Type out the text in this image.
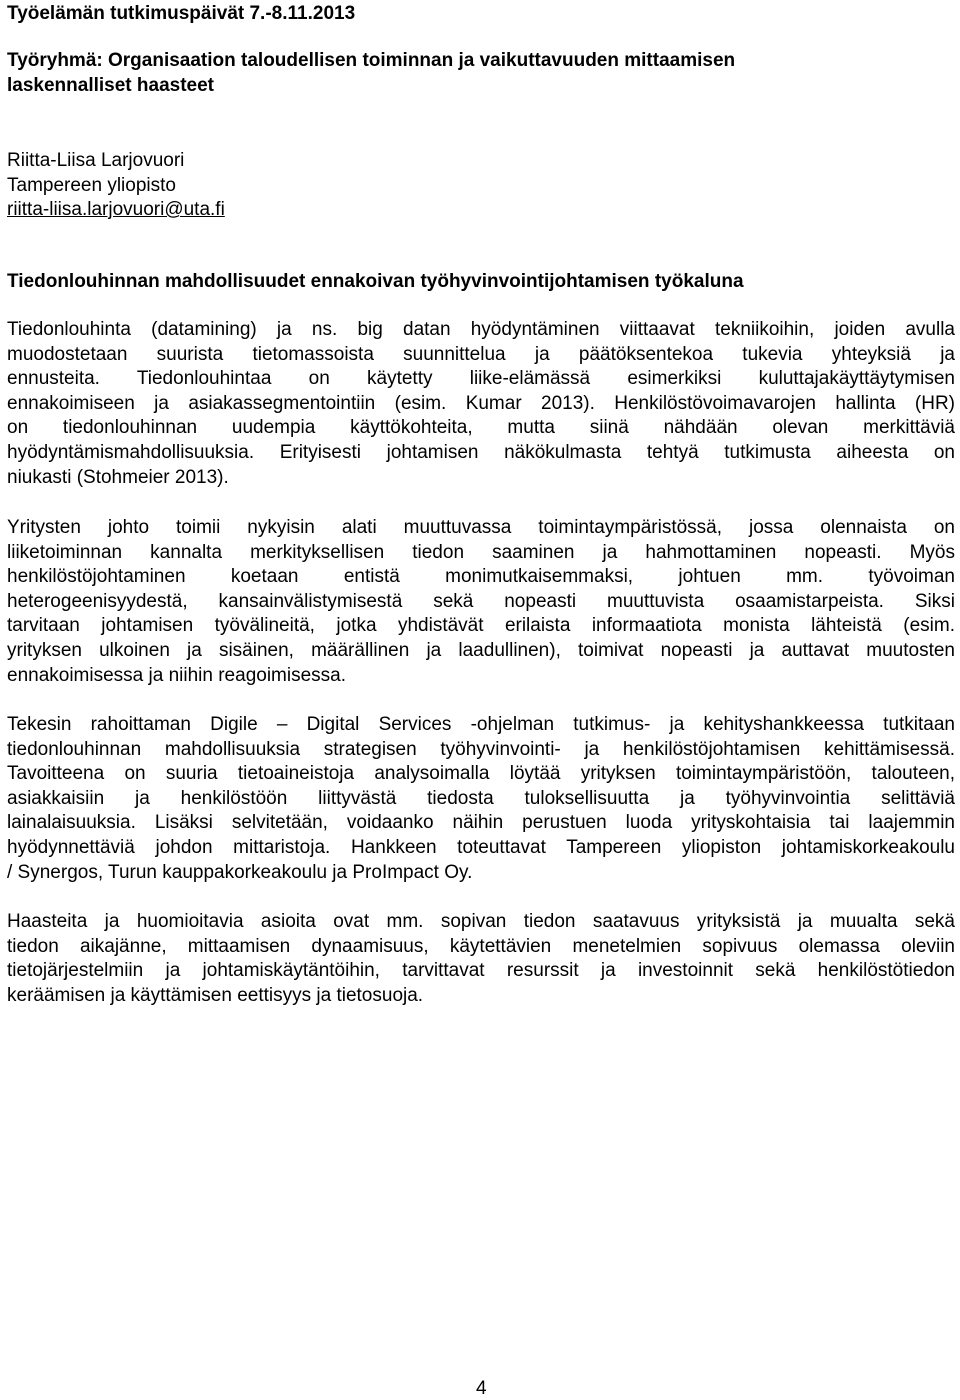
Työelämän tutkimuspäivät 7.-8.11.2013
Työryhmä: Organisaation taloudellisen toiminnan ja vaikuttavuuden mittaamisen
laskennalliset haasteet
Riitta-Liisa Larjovuori
Tampereen yliopisto
riitta-liisa.larjovuori@uta.fi
Tiedonlouhinnan mahdollisuudet ennakoivan työhyvinvointijohtamisen työkaluna
Tiedonlouhinta (datamining) ja ns. big datan hyödyntäminen viittaavat tekniikoihin, joiden avulla
muodostetaan suurista tietomassoista suunnittelua ja päätöksentekoa tukevia yhteyksiä ja
ennusteita. Tiedonlouhintaa on käytetty liike-elämässä esimerkiksi kuluttajakäyttäytymisen
ennakoimiseen ja asiakassegmentointiin (esim. Kumar 2013). Henkilöstövoimavarojen hallinta (HR)
on tiedonlouhinnan uudempia käyttökohteita, mutta siinä nähdään olevan merkittäviä
hyödyntämismahdollisuuksia. Erityisesti johtamisen näkökulmasta tehtyä tutkimusta aiheesta on
niukasti (Stohmeier 2013).
Yritysten johto toimii nykyisin alati muuttuvassa toimintaympäristössä, jossa olennaista on
liiketoiminnan kannalta merkityksellisen tiedon saaminen ja hahmottaminen nopeasti. Myös
henkilöstöjohtaminen koetaan entistä monimutkaisemmaksi, johtuen mm. työvoiman
heterogeenisyydestä, kansainvälistymisestä sekä nopeasti muuttuvista osaamistarpeista. Siksi
tarvitaan johtamisen työvälineitä, jotka yhdistävät erilaista informaatiota monista lähteistä (esim.
yrityksen ulkoinen ja sisäinen, määrällinen ja laadullinen), toimivat nopeasti ja auttavat muutosten
ennakoimisessa ja niihin reagoimisessa.
Tekesin rahoittaman Digile – Digital Services -ohjelman tutkimus- ja kehityshankkeessa tutkitaan
tiedonlouhinnan mahdollisuuksia strategisen työhyvinvointi- ja henkilöstöjohtamisen kehittämisessä.
Tavoitteena on suuria tietoaineistoja analysoimalla löytää yrityksen toimintaympäristöön, talouteen,
asiakkaisiin ja henkilöstöön liittyvästä tiedosta tuloksellisuutta ja työhyvinvointia selittäviä
lainalaisuuksia. Lisäksi selvitetään, voidaanko näihin perustuen luoda yrityskohtaisia tai laajemmin
hyödynnettäviä johdon mittaristoja. Hankkeen toteuttavat Tampereen yliopiston johtamiskorkeakoulu
/ Synergos, Turun kauppakorkeakoulu ja ProImpact Oy.
Haasteita ja huomioitavia asioita ovat mm. sopivan tiedon saatavuus yrityksistä ja muualta sekä
tiedon aikajänne, mittaamisen dynaamisuus, käytettävien menetelmien sopivuus olemassa oleviin
tietojärjestelmiin ja johtamiskäytäntöihin, tarvittavat resurssit ja investoinnit sekä henkilöstötiedon
keräämisen ja käyttämisen eettisyys ja tietosuoja.
4
